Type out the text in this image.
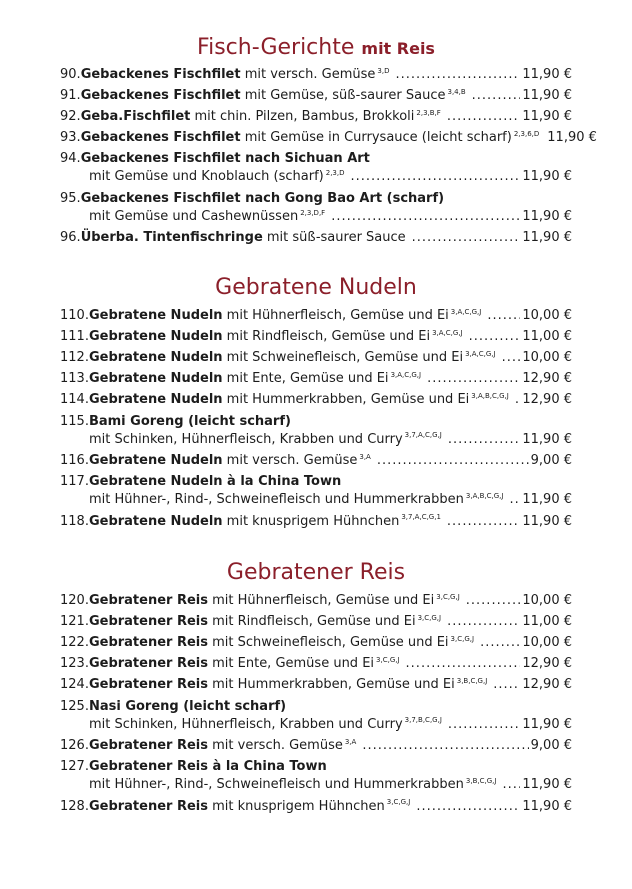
Fisch-Gerichte mit Reis
Gebratene Nudeln
Gebratener Reis
90.Gebackenes Fischfilet mit versch. Gemüse $^{3,D}$ .....	11,90 €
91.Gebackenes Fischfilet mit Gemüse, süß-saurer Sauce $^{3,4,B}$ .....	11,90 €
92.Geba.Fischfilet mit chin. Pilzen, Bambus, Brokkoli $^{2,3,B,F}$ .....	11,90 €
93.Gebackenes Fischfilet mit Gemüse in Currysauce (leicht scharf) $^{2,3,6,D}$ 11,90 €
94.Gebackenes Fischfilet nach Sichuan Art
mit Gemüse und Knoblauch (scharf) $^{2,3,D}$ .....	11,90 €
95.Gebackenes Fischfilet nach Gong Bao Art (scharf)
mit Gemüse und Cashewnüssen $^{2,3,D,F}$ .....	11,90 €
96.Überba. Tintenfischringe mit süß-saurer Sauce .....	11,90 €
110.Gebratene Nudeln mit Hühnerfleisch, Gemüse und Ei $^{3,A,C,G,J}$ .....	10,00 €
111.Gebratene Nudeln mit Rindfleisch, Gemüse und Ei $^{3,A,C,G,J}$ .....	11,00 €
112.Gebratene Nudeln mit Schweinefleisch, Gemüse und Ei $^{3,A,C,G,J}$ ..... 10,00 €
113.Gebratene Nudeln mit Ente, Gemüse und Ei $^{3,A,C,G,J}$ .....	12,90 €
114.Gebratene Nudeln mit Hummerkrabben, Gemüse und Ei $^{3,A,B,C,G,J}$ ..... 12,90 €
115.Bami Goreng (leicht scharf)
mit Schinken, Hühnerfleisch, Krabben und Curry $^{3,7,A,C,G,J}$ .....	11,90 €
116.Gebratene Nudeln mit versch. Gemüse $^{3,A}$ .....	9,00 €
117.Gebratene Nudeln à la China Town
mit Hühner-, Rind-, Schweinefleisch und Hummerkrabben $^{3,A,B,C,G,J}$ ..... 11,90 €
118.Gebratene Nudeln mit knusprigem Hühnchen $^{3,7,A,C,G,1}$ .....	11,90 €
120.Gebratener Reis mit Hühnerfleisch, Gemüse und Ei $^{3,C,G,J}$ .....	10,00 €
121.Gebratener Reis mit Rindfleisch, Gemüse und Ei $^{3,C,G,J}$ .....	11,00 €
122.Gebratener Reis mit Schweinefleisch, Gemüse und Ei $^{3,C,G,J}$ .....	10,00 €
123.Gebratener Reis mit Ente, Gemüse und Ei $^{3,C,G,J}$ .....	12,90 €
124.Gebratener Reis mit Hummerkrabben, Gemüse und Ei $^{3,B,C,G,J}$ .....	12,90 €
125.Nasi Goreng (leicht scharf)
mit Schinken, Hühnerfleisch, Krabben und Curry $^{3,7,B,C,G,J}$ .....	11,90 €
126.Gebratener Reis mit versch. Gemüse $^{3,A}$ .....	9,00 €
127.Gebratener Reis à la China Town
mit Hühner-, Rind-, Schweinefleisch und Hummerkrabben $^{3,B,C,G,J}$ ..... 11,90 €
128.Gebratener Reis mit knusprigem Hühnchen $^{3,C,G,J}$ .....	11,90 €
